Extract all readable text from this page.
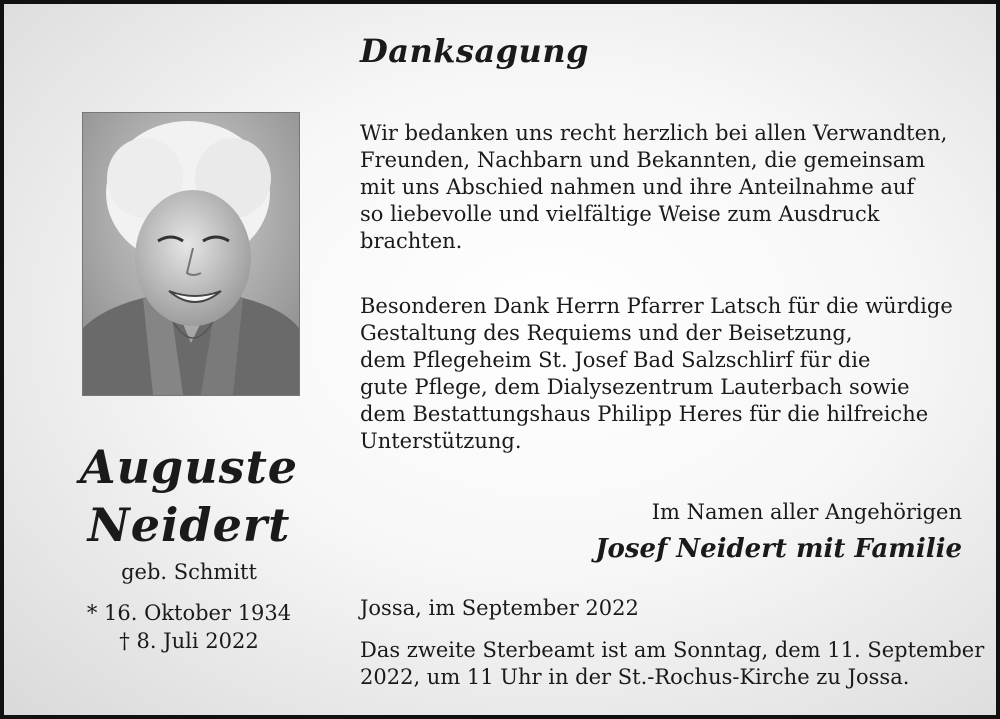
Danksagung
Auguste
Neidert
geb. Schmitt
* 16. Oktober 1934
† 8. Juli 2022

Wir bedanken uns recht herzlich bei allen Verwandten,
Freunden, Nachbarn und Bekannten, die gemeinsam
mit uns Abschied nahmen und ihre Anteilnahme auf
so liebevolle und vielfältige Weise zum Ausdruck
brachten.

Besonderen Dank Herrn Pfarrer Latsch für die würdige
Gestaltung des Requiems und der Beisetzung,
dem Pflegeheim St. Josef Bad Salzschlirf für die
gute Pflege, dem Dialysezentrum Lauterbach sowie
dem Bestattungshaus Philipp Heres für die hilfreiche
Unterstützung.

Im Namen aller Angehörigen
Josef Neidert mit Familie
Jossa, im September 2022

Das zweite Sterbeamt ist am Sonntag, dem 11. September
2022, um 11 Uhr in der St.-Rochus-Kirche zu Jossa.
